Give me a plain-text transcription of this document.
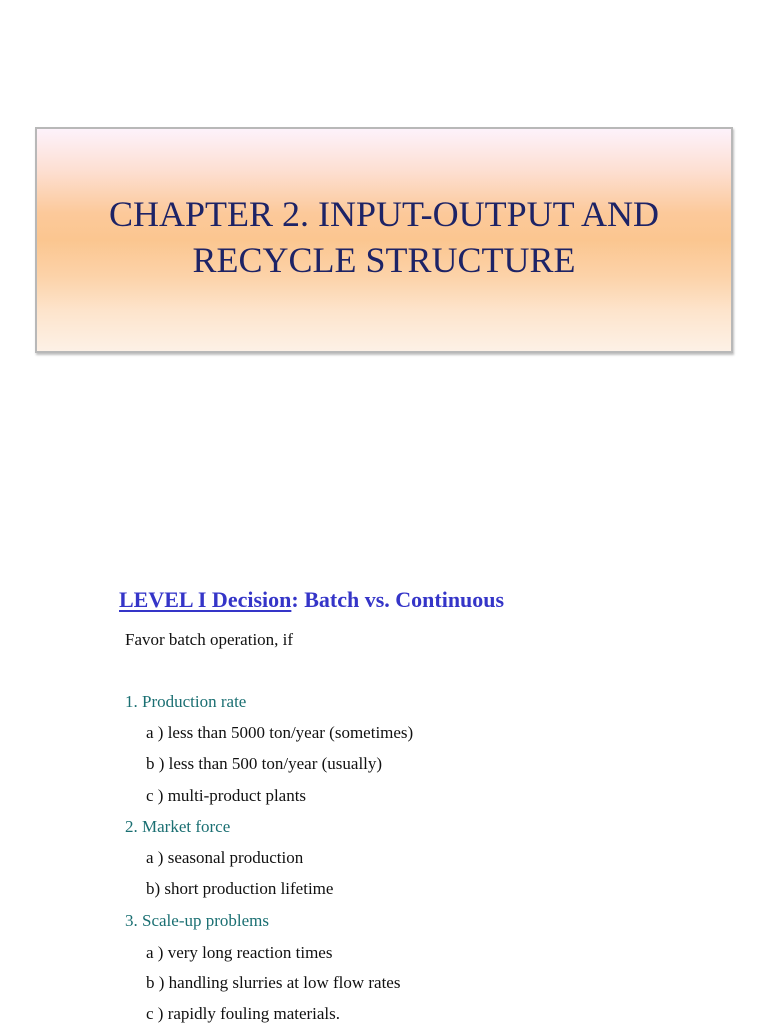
CHAPTER 2. INPUT-OUTPUT AND
RECYCLE STRUCTURE
LEVEL I Decision: Batch vs. Continuous
Favor batch operation, if
1. Production rate
a ) less than 5000 ton/year (sometimes)
b ) less than 500 ton/year (usually)
c ) multi-product plants
2. Market force
a ) seasonal production
b) short production lifetime
3. Scale-up problems
a ) very long reaction times
b ) handling slurries at low flow rates
c ) rapidly fouling materials.
